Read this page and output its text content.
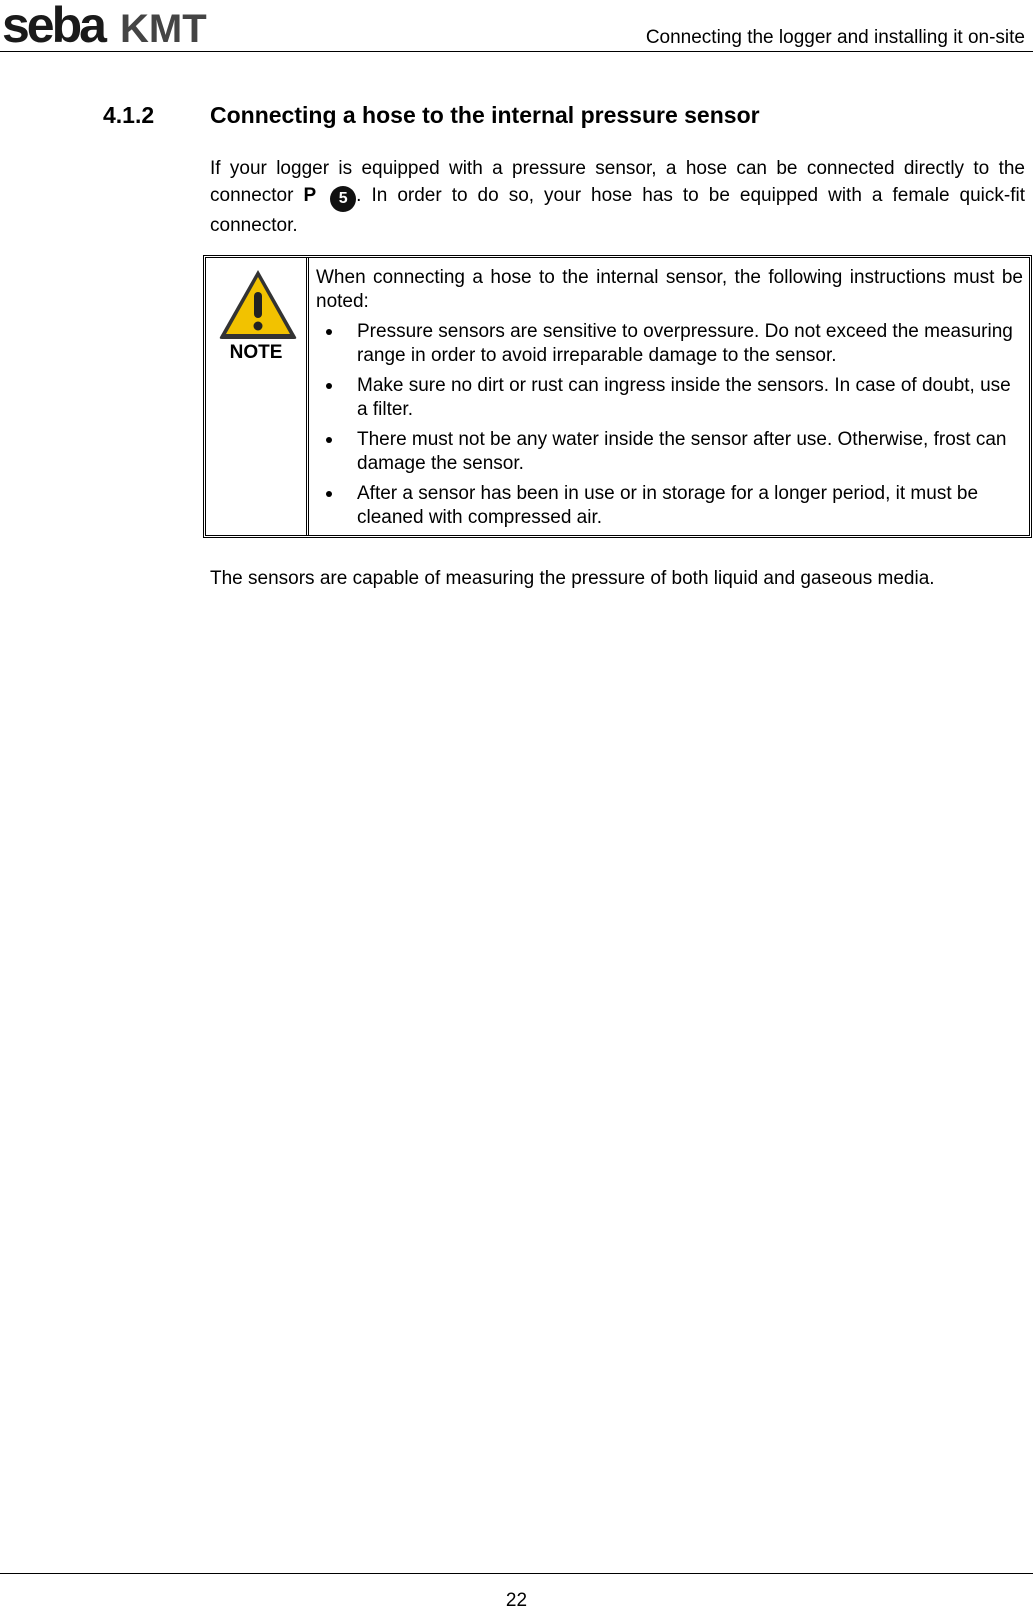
seba KMT	Connecting the logger and installing it on-site
4.1.2 Connecting a hose to the internal pressure sensor

If your logger is equipped with a pressure sensor, a hose can be connected directly to the connector P 5 . In order to do so, your hose has to be equipped with a female quick-fit connector.

NOTE

When connecting a hose to the internal sensor, the following instructions must be noted:

Pressure sensors are sensitive to overpressure. Do not exceed the measuring range in order to avoid irreparable damage to the sensor.
Make sure no dirt or rust can ingress inside the sensors. In case of doubt, use a filter.
There must not be any water inside the sensor after use. Otherwise, frost can damage the sensor.
After a sensor has been in use or in storage for a longer period, it must be cleaned with compressed air.

The sensors are capable of measuring the pressure of both liquid and gaseous media.

22
